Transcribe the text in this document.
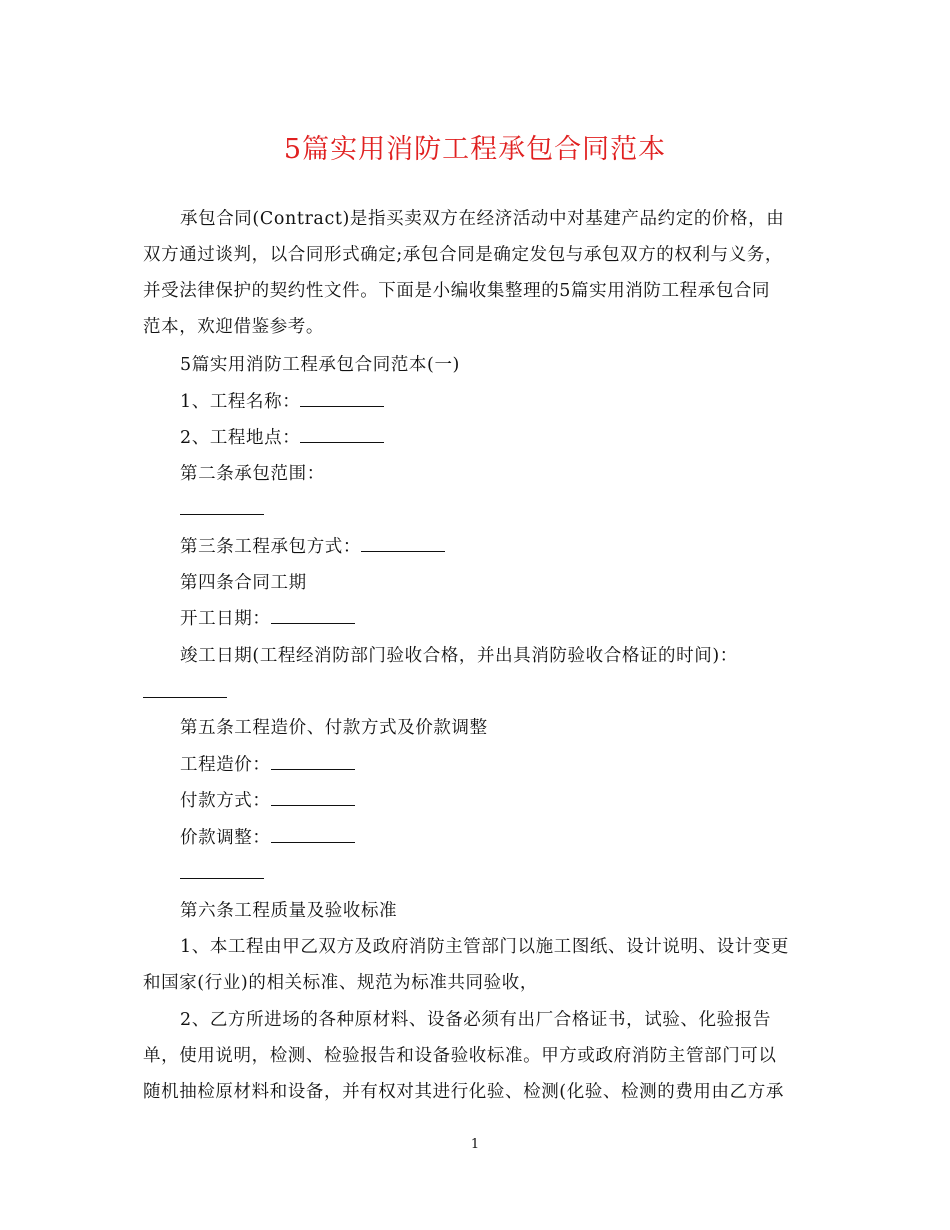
5篇实用消防工程承包合同范本
承包合同(Contract)是指买卖双方在经济活动中对基建产品约定的价格，由
双方通过谈判，以合同形式确定;承包合同是确定发包与承包双方的权利与义务，
并受法律保护的契约性文件。下面是小编收集整理的5篇实用消防工程承包合同
范本，欢迎借鉴参考。
5篇实用消防工程承包合同范本(一)
1、工程名称：
2、工程地点：
第二条承包范围：
第三条工程承包方式：
第四条合同工期
开工日期：
竣工日期(工程经消防部门验收合格，并出具消防验收合格证的时间)：
第五条工程造价、付款方式及价款调整
工程造价：
付款方式：
价款调整：
第六条工程质量及验收标准
1、本工程由甲乙双方及政府消防主管部门以施工图纸、设计说明、设计变更
和国家(行业)的相关标准、规范为标准共同验收，
2、乙方所进场的各种原材料、设备必须有出厂合格证书，试验、化验报告
单，使用说明，检测、检验报告和设备验收标准。甲方或政府消防主管部门可以
随机抽检原材料和设备，并有权对其进行化验、检测(化验、检测的费用由乙方承
1
